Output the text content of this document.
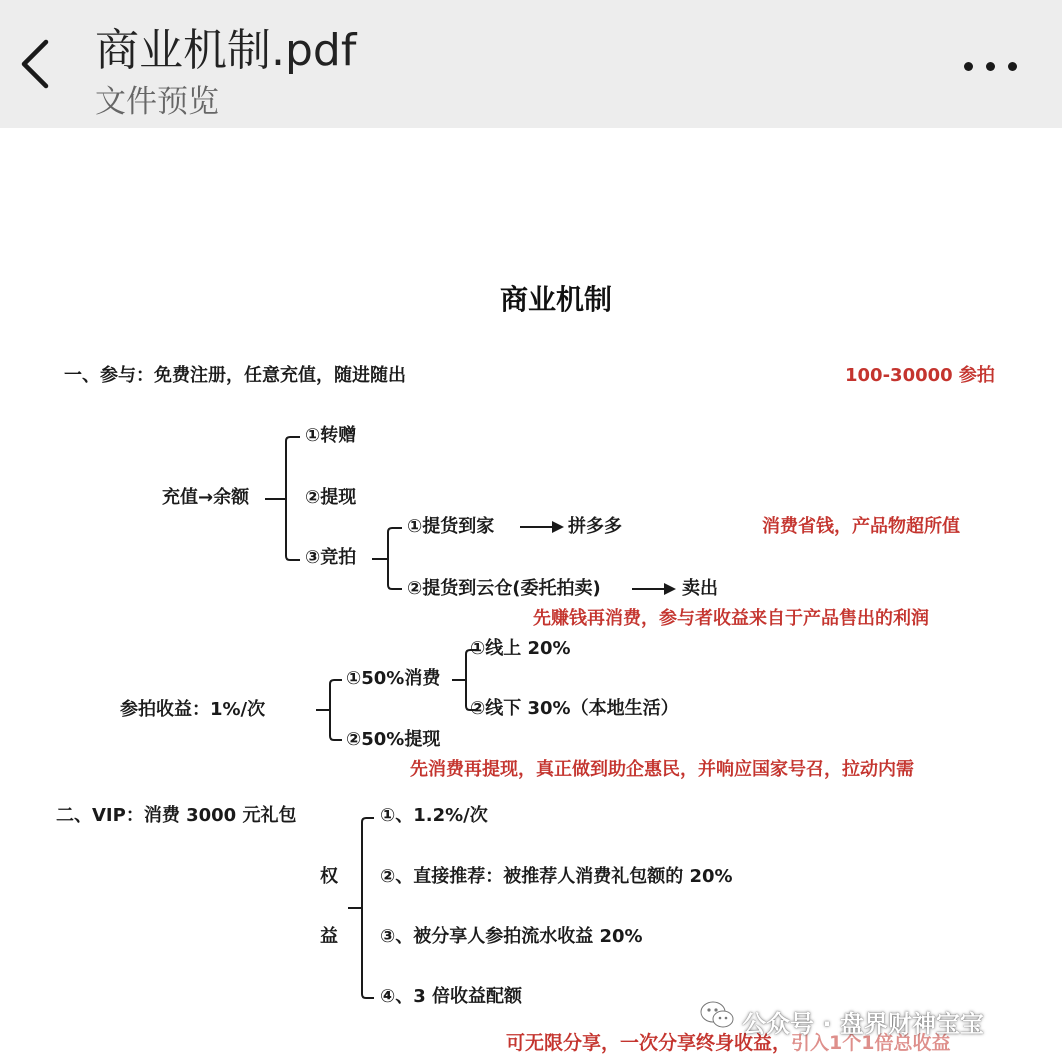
商业机制.pdf
文件预览
商业机制
一、参与：免费注册，任意充值，随进随出	100-30000 参拍
充值→余额
①转赠
②提现
③竞拍
①提货到家	拼多多	消费省钱，产品物超所值
②提货到云仓(委托拍卖)	卖出
先赚钱再消费，参与者收益来自于产品售出的利润
参拍收益：1%/次
①50%消费
①线上 20%
②线下 30%（本地生活）
②50%提现
先消费再提现，真正做到助企惠民，并响应国家号召，拉动内需
二、VIP：消费 3000 元礼包
权
益
①、1.2%/次
②、直接推荐：被推荐人消费礼包额的 20%
③、被分享人参拍流水收益 20%
④、3 倍收益配额
可无限分享，一次分享终身收益，引入1个1倍总收益
公众号 · 盘界财神宝宝
